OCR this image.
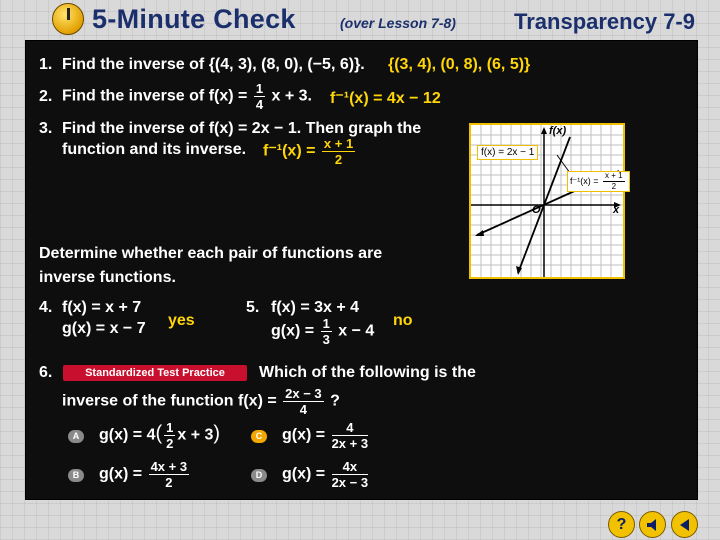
5-Minute Check	(over Lesson 7-8)	Transparency 7-9
1. Find the inverse of {(4, 3), (8, 0), (−5, 6)}. {(3, 4), (0, 8), (6, 5)}
2. Find the inverse of $f(x) = \frac{1}{4}$ x + 3. f⁻¹(x) = 4x − 12
3. Find the inverse of f(x) = 2x − 1. Then graph the
function and its inverse. $f^{-1}(x) = \frac{x + 1}{2}$
f(x)
x
O
f(x) = 2x − 1
$f^{-1}(x) = \frac{x + 1}{2}$
Determine whether each pair of functions are
inverse functions.
4. f(x) = x + 7
g(x) = x − 7 yes
5. f(x) = 3x + 4
$g(x) = \frac{1}{3}$ x − 4
no
6.	Standardized Test Practice	Which of the following is the
inverse of the function $f(x) = \frac{2x - 3}{4}$ ?
A $g(x) = 4( \frac{1}{2}$ x + 3)	C $g(x) = \frac{4}{2x + 3}$
B $g(x) = \frac{4x + 3}{2}$	D $g(x) = \frac{4x}{2x - 3}$
?
